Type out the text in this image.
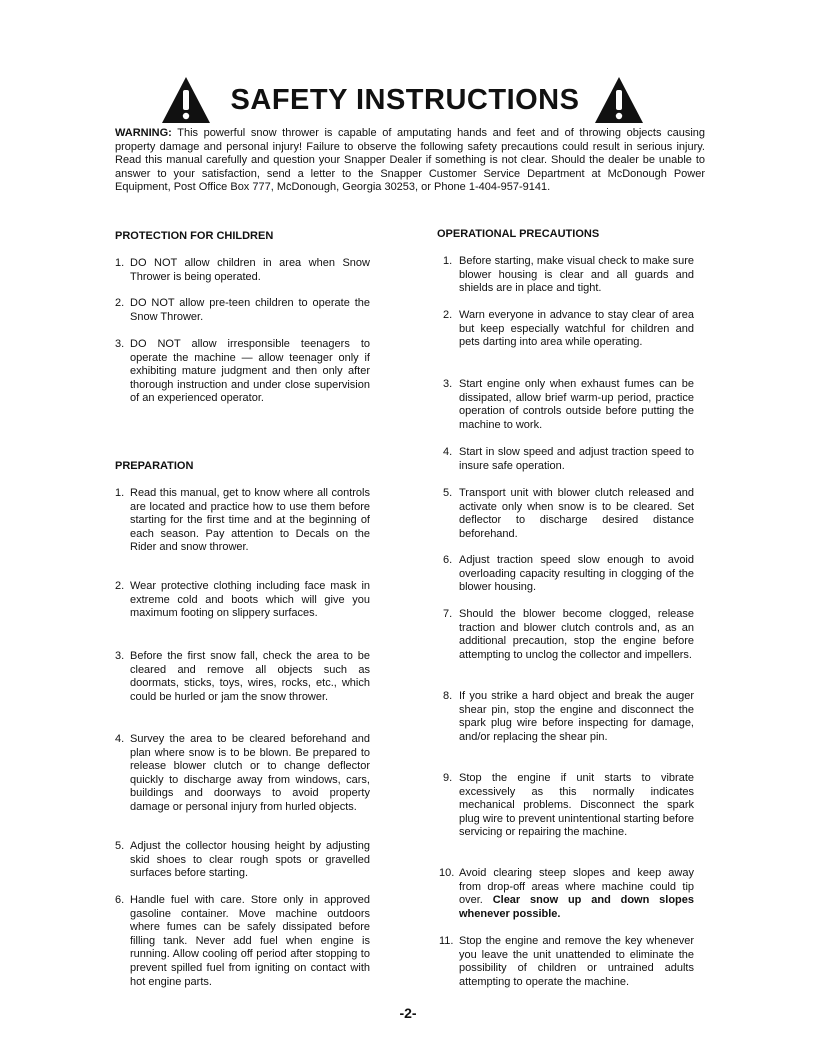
SAFETY INSTRUCTIONS
WARNING: This powerful snow thrower is capable of amputating hands and feet and of throwing objects causing property damage and personal injury! Failure to observe the following safety precautions could result in serious injury. Read this manual carefully and question your Snapper Dealer if something is not clear. Should the dealer be unable to answer to your satisfaction, send a letter to the Snapper Customer Service Department at McDonough Power Equipment, Post Office Box 777, McDonough, Georgia 30253, or Phone 1-404-957-9141.
PROTECTION FOR CHILDREN
1. DO NOT allow children in area when Snow Thrower is being operated.
2. DO NOT allow pre-teen children to operate the Snow Thrower.
3. DO NOT allow irresponsible teenagers to operate the machine — allow teenager only if exhibiting mature judgment and then only after thorough instruction and under close supervision of an experienced operator.
PREPARATION
1. Read this manual, get to know where all controls are located and practice how to use them before starting for the first time and at the beginning of each season. Pay attention to Decals on the Rider and snow thrower.
2. Wear protective clothing including face mask in extreme cold and boots which will give you maximum footing on slippery surfaces.
3. Before the first snow fall, check the area to be cleared and remove all objects such as doormats, sticks, toys, wires, rocks, etc., which could be hurled or jam the snow thrower.
4. Survey the area to be cleared beforehand and plan where snow is to be blown. Be prepared to release blower clutch or to change deflector quickly to discharge away from windows, cars, buildings and doorways to avoid property damage or personal injury from hurled objects.
5. Adjust the collector housing height by adjusting skid shoes to clear rough spots or gravelled surfaces before starting.
6. Handle fuel with care. Store only in approved gasoline container. Move machine outdoors where fumes can be safely dissipated before filling tank. Never add fuel when engine is running. Allow cooling off period after stopping to prevent spilled fuel from igniting on contact with hot engine parts.
OPERATIONAL PRECAUTIONS
1. Before starting, make visual check to make sure blower housing is clear and all guards and shields are in place and tight.
2. Warn everyone in advance to stay clear of area but keep especially watchful for children and pets darting into area while operating.
3. Start engine only when exhaust fumes can be dissipated, allow brief warm-up period, practice operation of controls outside before putting the machine to work.
4. Start in slow speed and adjust traction speed to insure safe operation.
5. Transport unit with blower clutch released and activate only when snow is to be cleared. Set deflector to discharge desired distance beforehand.
6. Adjust traction speed slow enough to avoid overloading capacity resulting in clogging of the blower housing.
7. Should the blower become clogged, release traction and blower clutch controls and, as an additional precaution, stop the engine before attempting to unclog the collector and impellers.
8. If you strike a hard object and break the auger shear pin, stop the engine and disconnect the spark plug wire before inspecting for damage, and/or replacing the shear pin.
9. Stop the engine if unit starts to vibrate excessively as this normally indicates mechanical problems. Disconnect the spark plug wire to prevent unintentional starting before servicing or repairing the machine.
10. Avoid clearing steep slopes and keep away from drop-off areas where machine could tip over. Clear snow up and down slopes whenever possible.
11. Stop the engine and remove the key whenever you leave the unit unattended to eliminate the possibility of children or untrained adults attempting to operate the machine.
-2-
